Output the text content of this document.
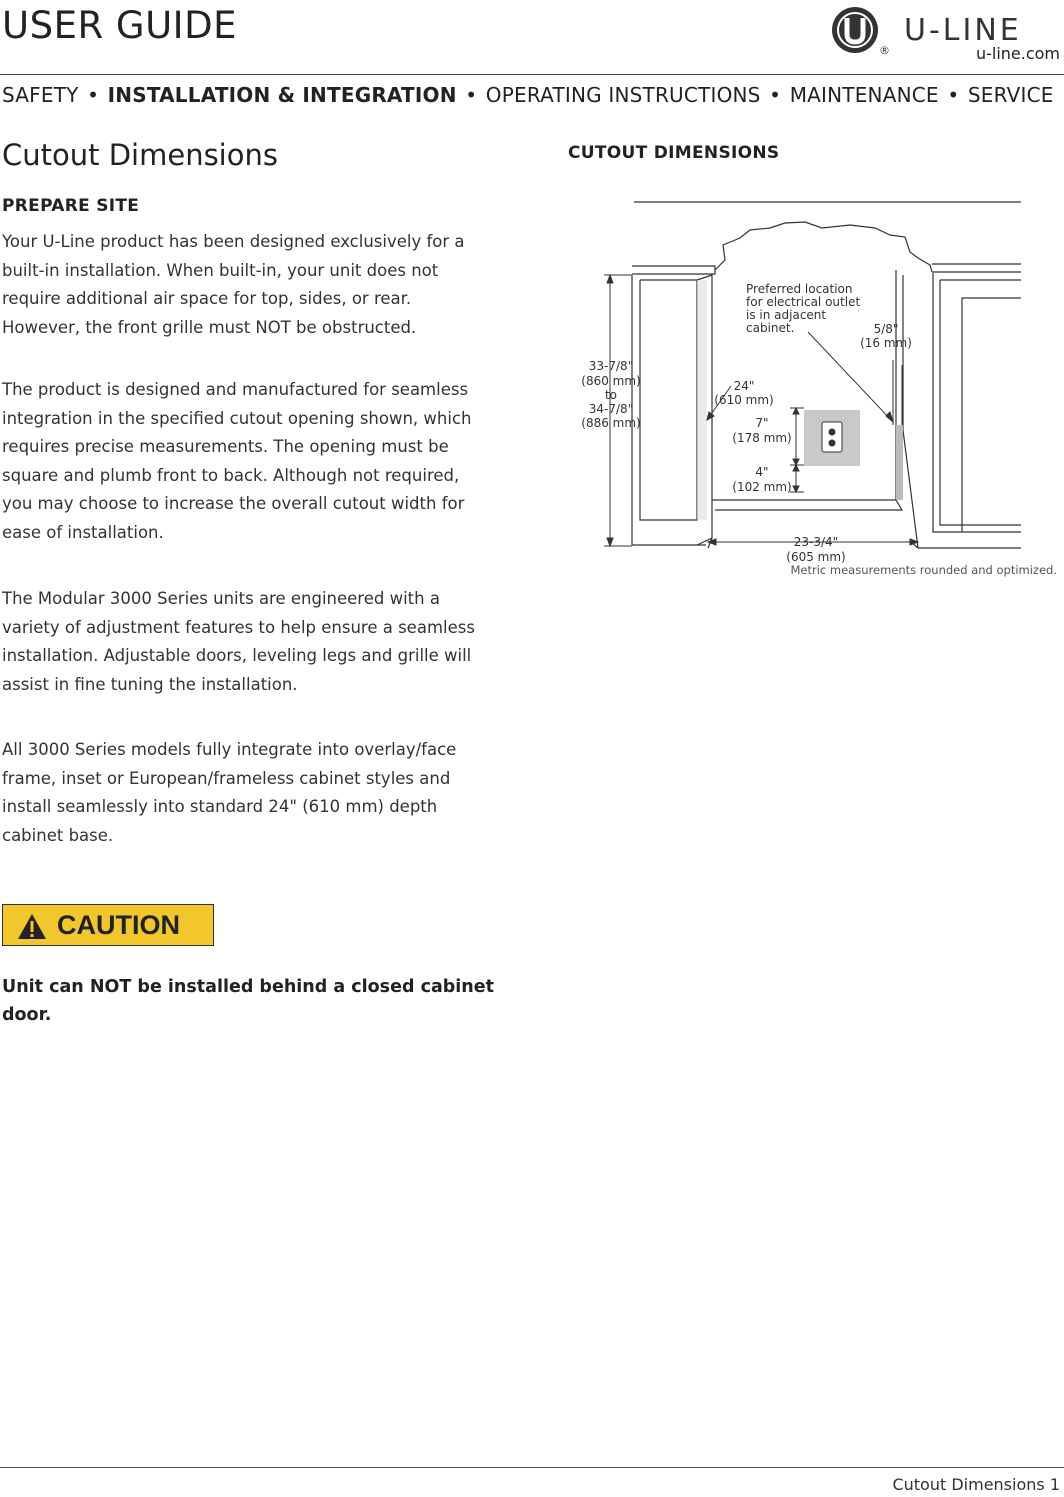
USER GUIDE
®
U-LINE
u-line.com
SAFETY • INSTALLATION & INTEGRATION • OPERATING INSTRUCTIONS • MAINTENANCE • SERVICE
Cutout Dimensions
PREPARE SITE
Your U-Line product has been designed exclusively for a built-in installation. When built-in, your unit does not require additional air space for top, sides, or rear. However, the front grille must NOT be obstructed.
The product is designed and manufactured for seamless integration in the specified cutout opening shown, which requires precise measurements. The opening must be square and plumb front to back. Although not required, you may choose to increase the overall cutout width for ease of installation.
The Modular 3000 Series units are engineered with a variety of adjustment features to help ensure a seamless installation. Adjustable doors, leveling legs and grille will assist in fine tuning the installation.
All 3000 Series models fully integrate into overlay/face frame, inset or European/frameless cabinet styles and install seamlessly into standard 24" (610 mm) depth cabinet base.
CAUTION
Unit can NOT be installed behind a closed cabinet door.
CUTOUT DIMENSIONS
33-7/8"
(860 mm)
to
34-7/8"
(886 mm)
24"
(610 mm)
7"
(178 mm)
4"
(102 mm)
23-3/4"
(605 mm)
5/8"
(16 mm)
Preferred location
for electrical outlet
is in adjacent
cabinet.
Metric measurements rounded and optimized.
Cutout Dimensions 1
